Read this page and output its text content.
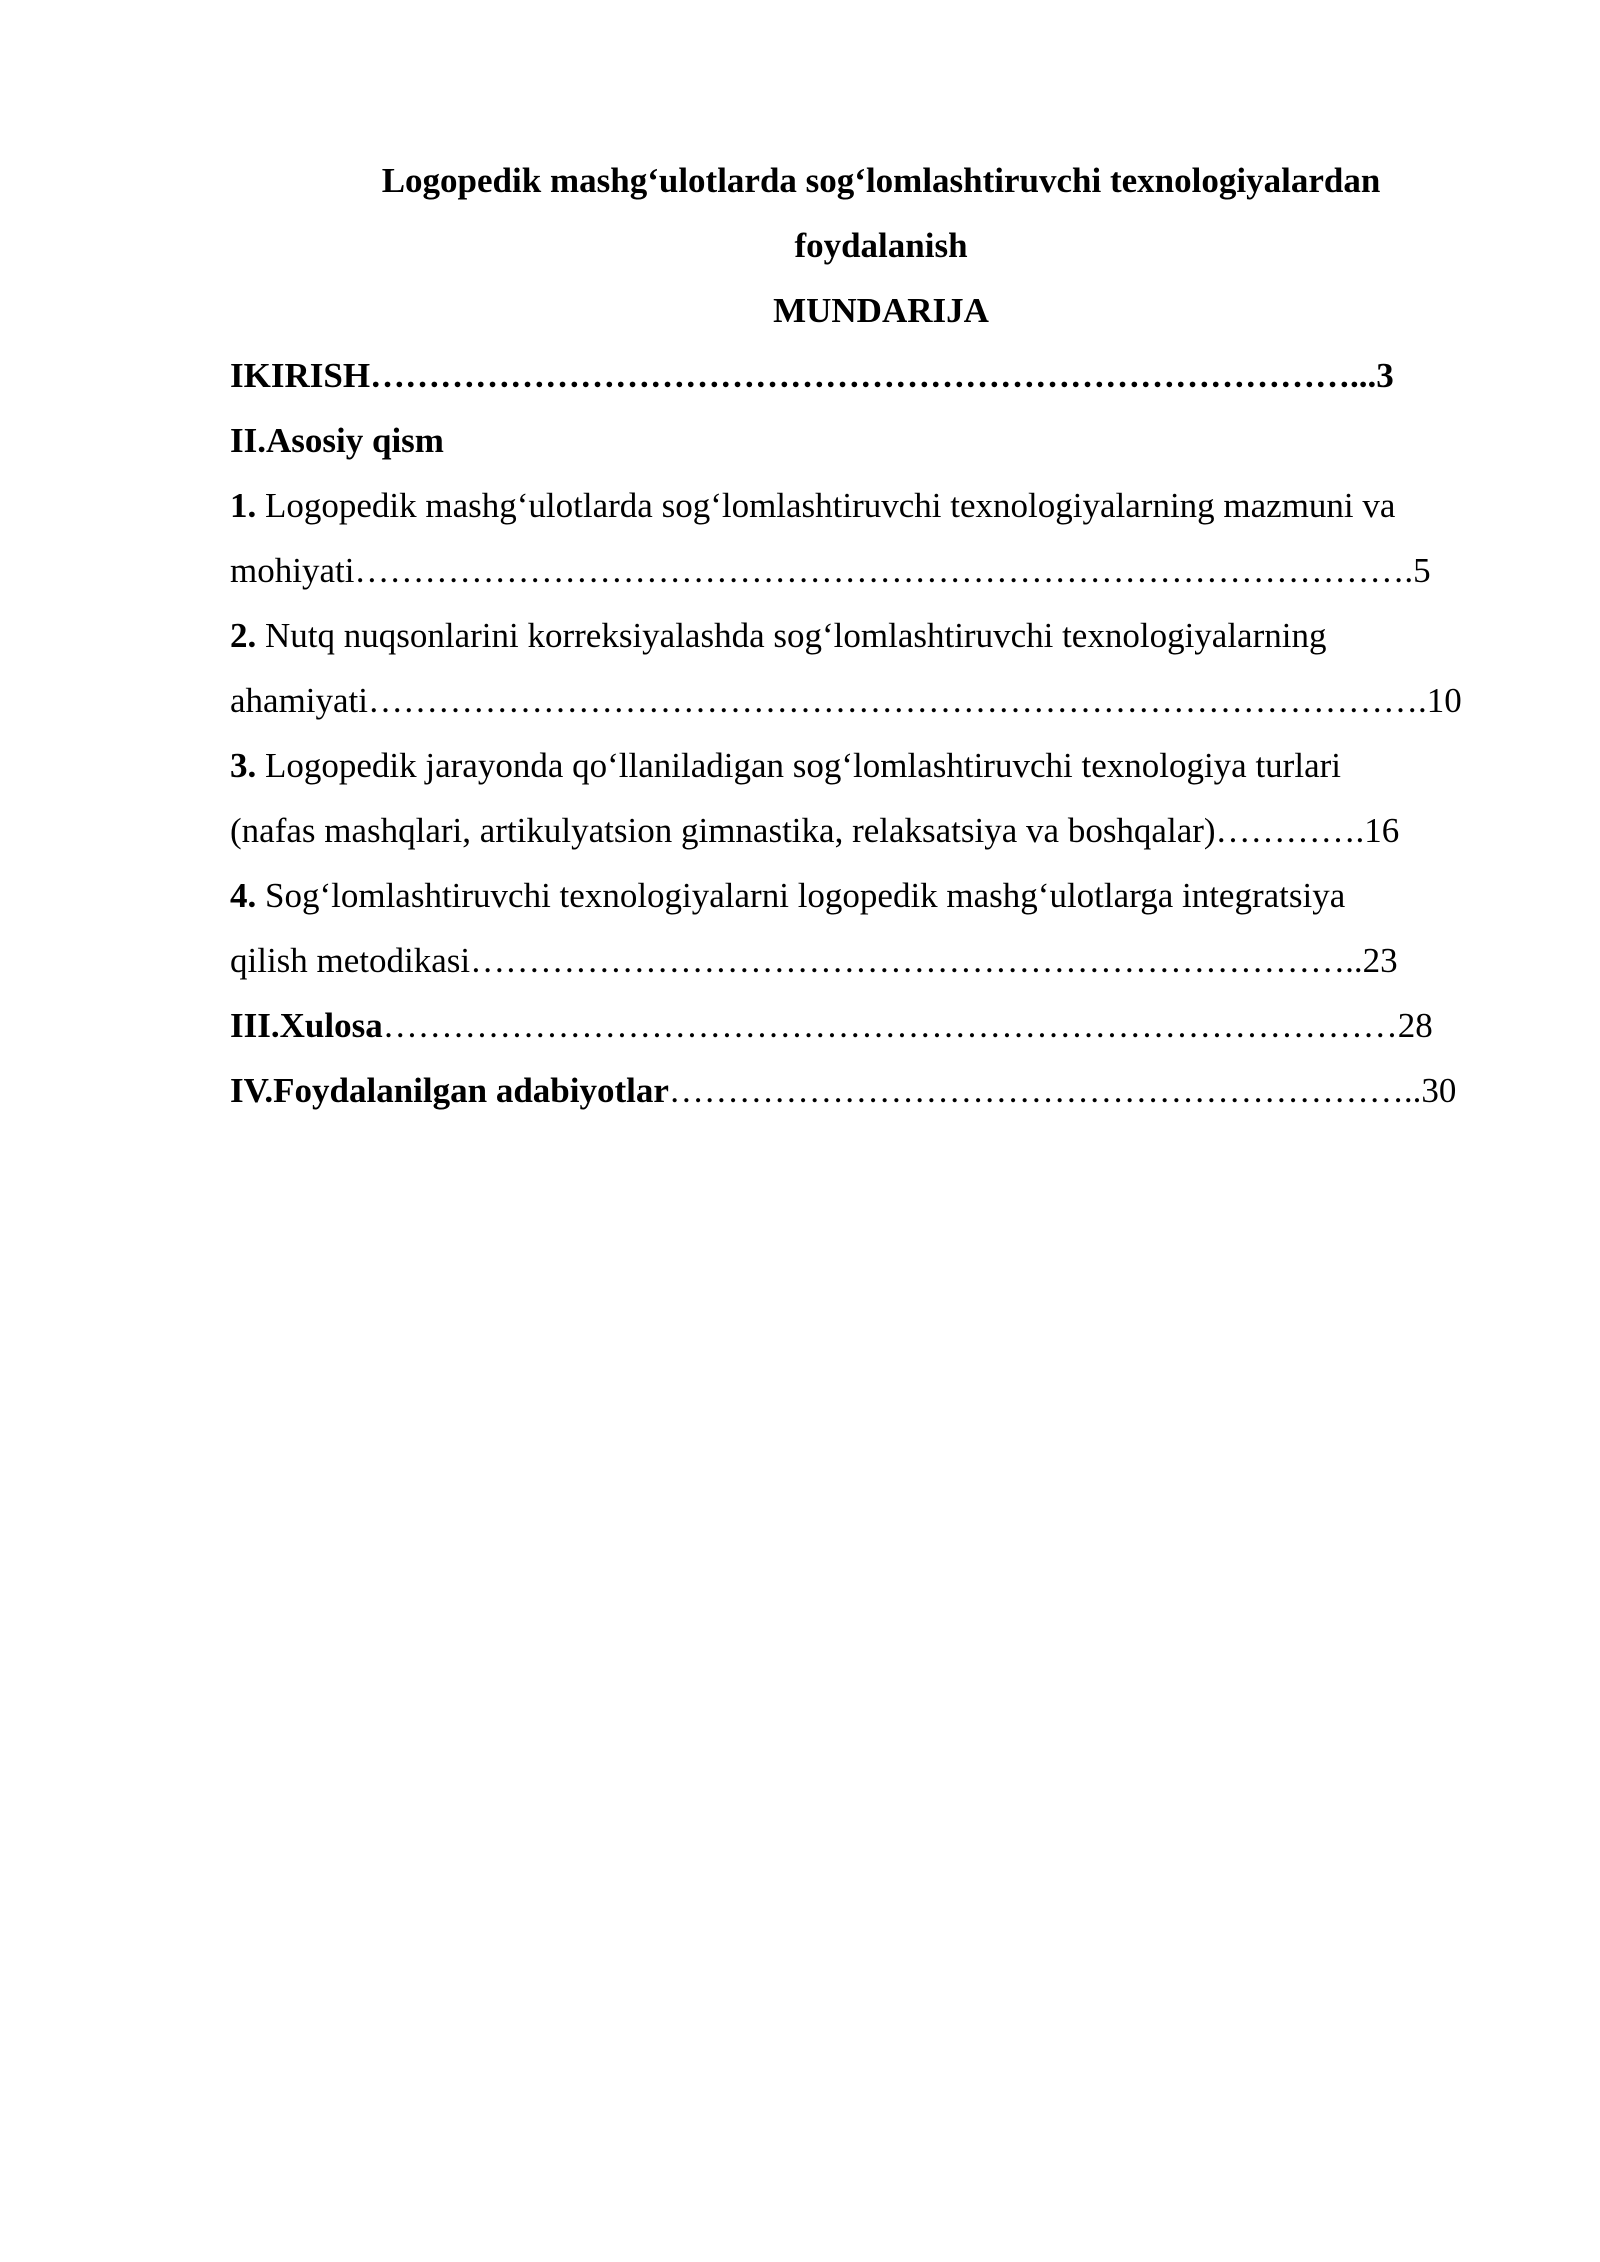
Logopedik mashg‘ulotlarda sog‘lomlashtiruvchi texnologiyalardan

foydalanish

MUNDARIJA

IKIRISH…………………………………………………………………………...3

II.Asosiy qism

1. Logopedik mashg‘ulotlarda sog‘lomlashtiruvchi texnologiyalarning mazmuni va

mohiyati……………………………………………………………………………….5

2. Nutq nuqsonlarini korreksiyalashda sog‘lomlashtiruvchi texnologiyalarning

ahamiyati……………………………………………………………………………….10

3. Logopedik jarayonda qo‘llaniladigan sog‘lomlashtiruvchi texnologiya turlari

(nafas mashqlari, artikulyatsion gimnastika, relaksatsiya va boshqalar)………….16

4. Sog‘lomlashtiruvchi texnologiyalarni logopedik mashg‘ulotlarga integratsiya

qilish metodikasi…………………………………………………………………..23

III.Xulosa……………………………………………………………………………28

IV.Foydalanilgan adabiyotlar………………………………………………………..30
